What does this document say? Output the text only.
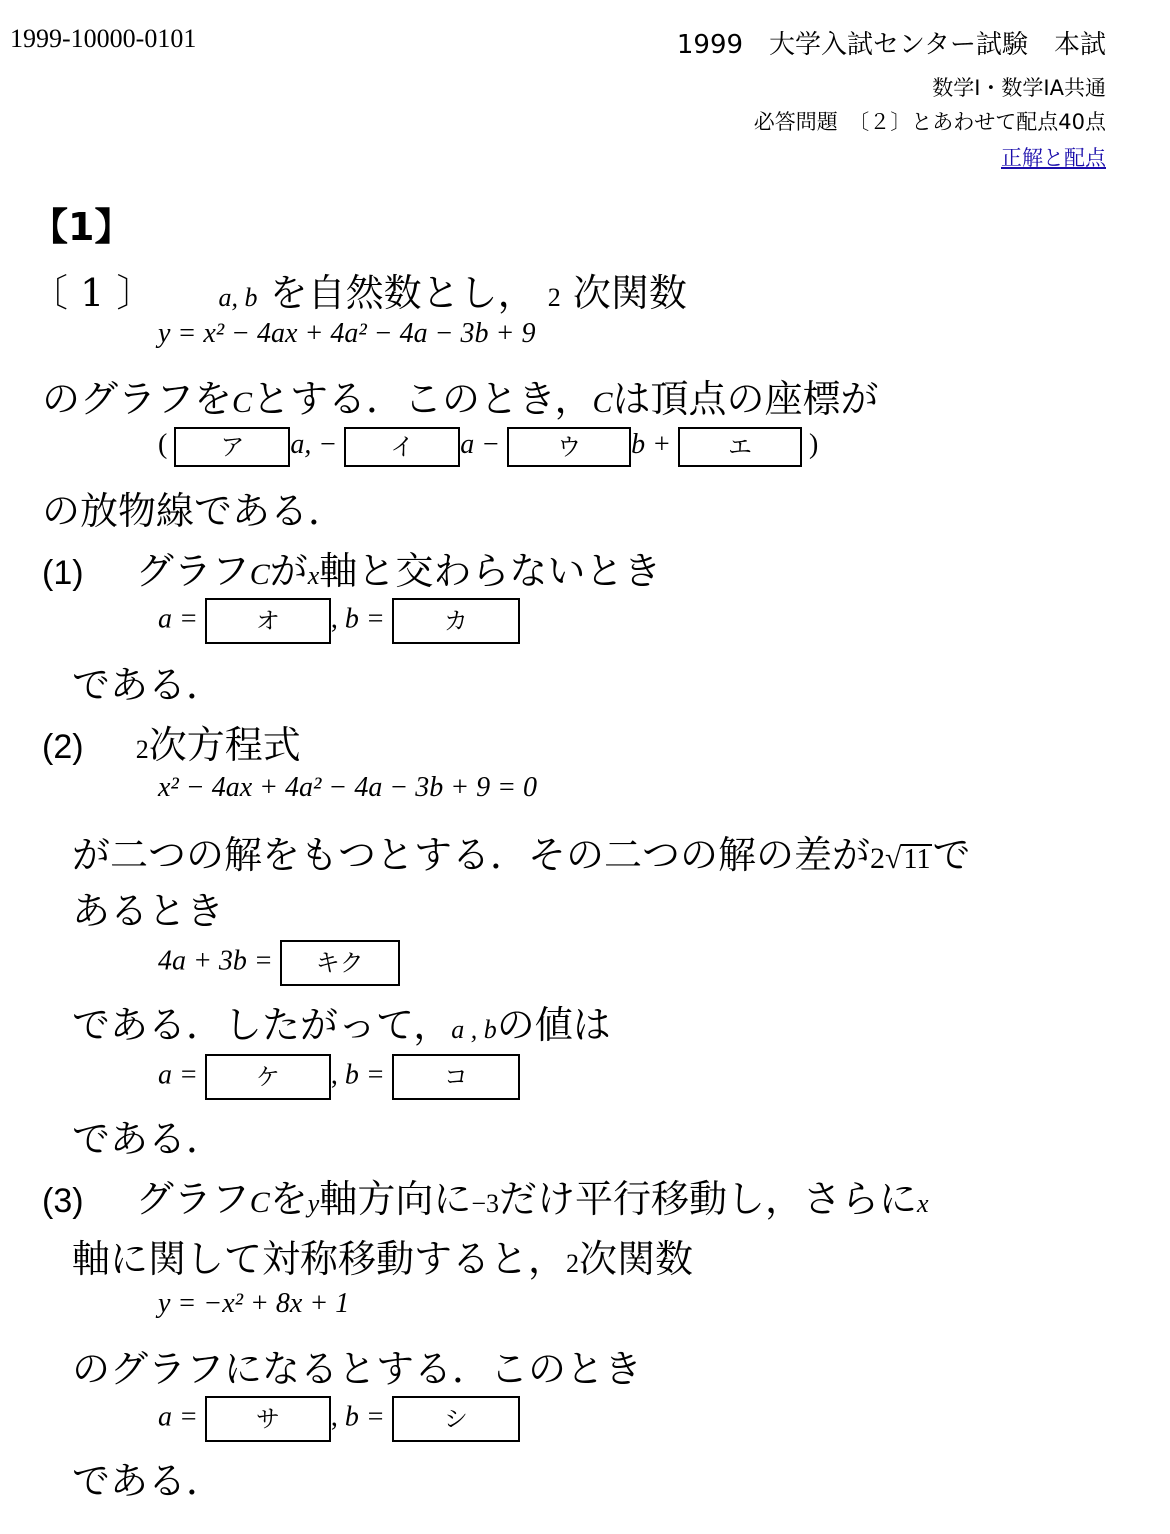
1999-10000-0101	1999　大学入試センター試験　本試
数学I・数学IA共通
必答問題　〔２〕とあわせて配点40点
正解と配点
【1】
〔 1 〕 a, b を自然数とし， 2 次関数
y = x² − 4ax + 4a² − 4a − 3b + 9
のグラフをCとする．このとき，Cは頂点の座標が
( ア a, − イ a − ウ b + エ )
の放物線である．
(1) グラフCがx軸と交わらないとき
a = オ , b = カ
である．
(2) 2次方程式
x² − 4ax + 4a² − 4a − 3b + 9 = 0
が二つの解をもつとする．その二つの解の差が2√11で
あるとき
4a + 3b = キク
である．したがって，a , bの値は
a = ケ , b = コ
である．
(3) グラフCをy軸方向に−3だけ平行移動し，さらにx
軸に関して対称移動すると，2次関数
y = −x² + 8x + 1
のグラフになるとする．このとき
a = サ , b = シ
である．
